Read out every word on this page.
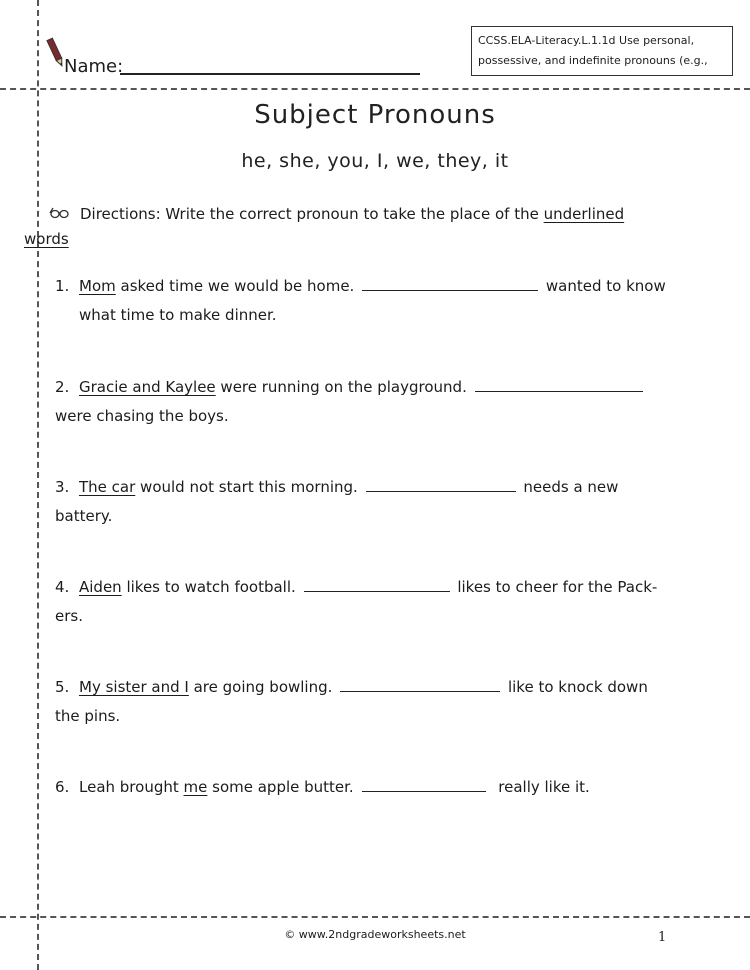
Name:
CCSS.ELA-Literacy.L.1.1d Use personal,
possessive, and indefinite pronouns (e.g.,
Subject Pronouns
he, she, you, I, we, they, it
Directions: Write the correct pronoun to take the place of the underlined
words
1. Mom asked time we would be home.	wanted to know
what time to make dinner.
2. Gracie and Kaylee were running on the playground.
were chasing the boys.
3. The car would not start this morning.	needs a new
battery.
4. Aiden likes to watch football.	likes to cheer for the Pack-
ers.
5. My sister and I are going bowling.	like to knock down
the pins.
6. Leah brought me some apple butter.	really like it.
© www.2ndgradeworksheets.net	1
